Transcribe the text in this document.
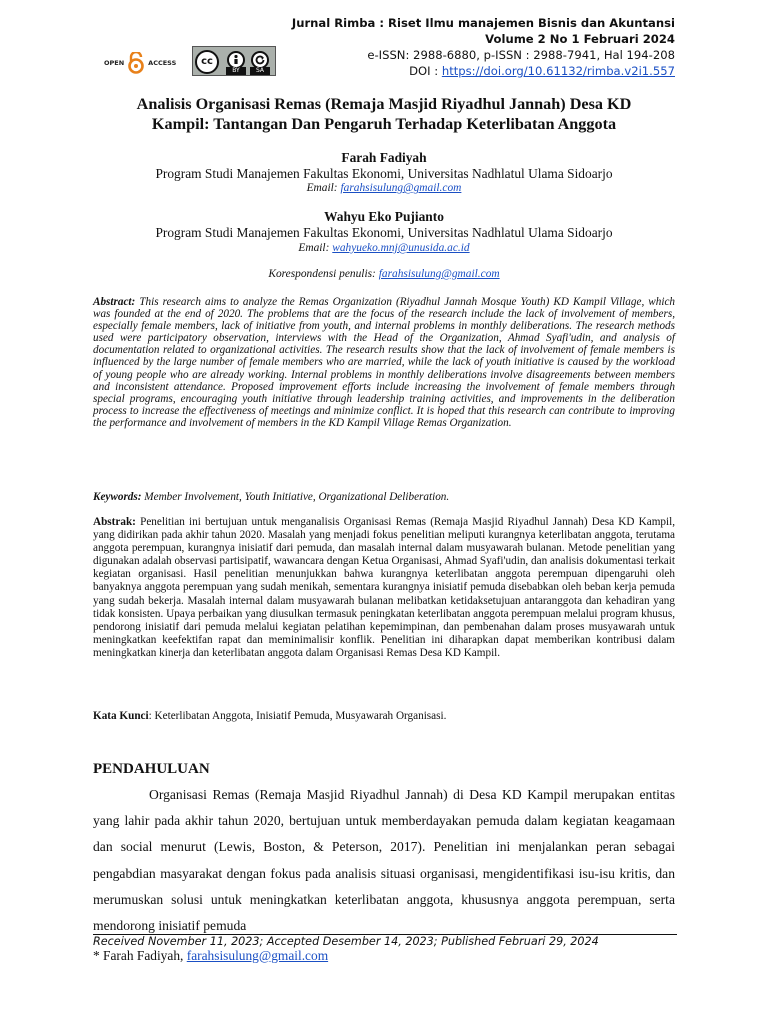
Jurnal Rimba : Riset Ilmu manajemen Bisnis dan Akuntansi
Volume 2 No 1 Februari 2024
e-ISSN: 2988-6880, p-ISSN : 2988-7941, Hal 194-208
DOI : https://doi.org/10.61132/rimba.v2i1.557
OPEN	ACCESS	cc
BY	SA
Analisis Organisasi Remas (Remaja Masjid Riyadhul Jannah) Desa KD
Kampil: Tantangan Dan Pengaruh Terhadap Keterlibatan Anggota
Farah Fadiyah
Program Studi Manajemen Fakultas Ekonomi, Universitas Nadhlatul Ulama Sidoarjo
Email: farahsisulung@gmail.com
Wahyu Eko Pujianto
Program Studi Manajemen Fakultas Ekonomi, Universitas Nadhlatul Ulama Sidoarjo
Email: wahyueko.mnj@unusida.ac.id
Korespondensi penulis: farahsisulung@gmail.com
Abstract: This research aims to analyze the Remas Organization (Riyadhul Jannah Mosque Youth) KD Kampil Village, which was founded at the end of 2020. The problems that are the focus of the research include the lack of involvement of members, especially female members, lack of initiative from youth, and internal problems in monthly deliberations. The research methods used were participatory observation, interviews with the Head of the Organization, Ahmad Syafi'udin, and analysis of documentation related to organizational activities. The research results show that the lack of involvement of female members is influenced by the large number of female members who are married, while the lack of youth initiative is caused by the workload of young people who are already working. Internal problems in monthly deliberations involve disagreements between members and inconsistent attendance. Proposed improvement efforts include increasing the involvement of female members through special programs, encouraging youth initiative through leadership training activities, and improvements in the deliberation process to increase the effectiveness of meetings and minimize conflict. It is hoped that this research can contribute to improving the performance and involvement of members in the KD Kampil Village Remas Organization.
Keywords: Member Involvement, Youth Initiative, Organizational Deliberation.
Abstrak: Penelitian ini bertujuan untuk menganalisis Organisasi Remas (Remaja Masjid Riyadhul Jannah) Desa KD Kampil, yang didirikan pada akhir tahun 2020. Masalah yang menjadi fokus penelitian meliputi kurangnya keterlibatan anggota, terutama anggota perempuan, kurangnya inisiatif dari pemuda, dan masalah internal dalam musyawarah bulanan. Metode penelitian yang digunakan adalah observasi partisipatif, wawancara dengan Ketua Organisasi, Ahmad Syafi'udin, dan analisis dokumentasi terkait kegiatan organisasi. Hasil penelitian menunjukkan bahwa kurangnya keterlibatan anggota perempuan dipengaruhi oleh banyaknya anggota perempuan yang sudah menikah, sementara kurangnya inisiatif pemuda disebabkan oleh beban kerja pemuda yang sudah bekerja. Masalah internal dalam musyawarah bulanan melibatkan ketidaksetujuan antaranggota dan kehadiran yang tidak konsisten. Upaya perbaikan yang diusulkan termasuk peningkatan keterlibatan anggota perempuan melalui program khusus, pendorong inisiatif dari pemuda melalui kegiatan pelatihan kepemimpinan, dan pembenahan dalam proses musyawarah untuk meningkatkan keefektifan rapat dan meminimalisir konflik. Penelitian ini diharapkan dapat memberikan kontribusi dalam meningkatkan kinerja dan keterlibatan anggota dalam Organisasi Remas Desa KD Kampil.
Kata Kunci: Keterlibatan Anggota, Inisiatif Pemuda, Musyawarah Organisasi.
PENDAHULUAN
Organisasi Remas (Remaja Masjid Riyadhul Jannah) di Desa KD Kampil merupakan entitas yang lahir pada akhir tahun 2020, bertujuan untuk memberdayakan pemuda dalam kegiatan keagamaan dan social menurut (Lewis, Boston, & Peterson, 2017). Penelitian ini menjalankan peran sebagai pengabdian masyarakat dengan fokus pada analisis situasi organisasi, mengidentifikasi isu-isu kritis, dan merumuskan solusi untuk meningkatkan keterlibatan anggota, khususnya anggota perempuan, serta mendorong inisiatif pemuda
Received November 11, 2023; Accepted Desember 14, 2023; Published Februari 29, 2024
* Farah Fadiyah, farahsisulung@gmail.com
